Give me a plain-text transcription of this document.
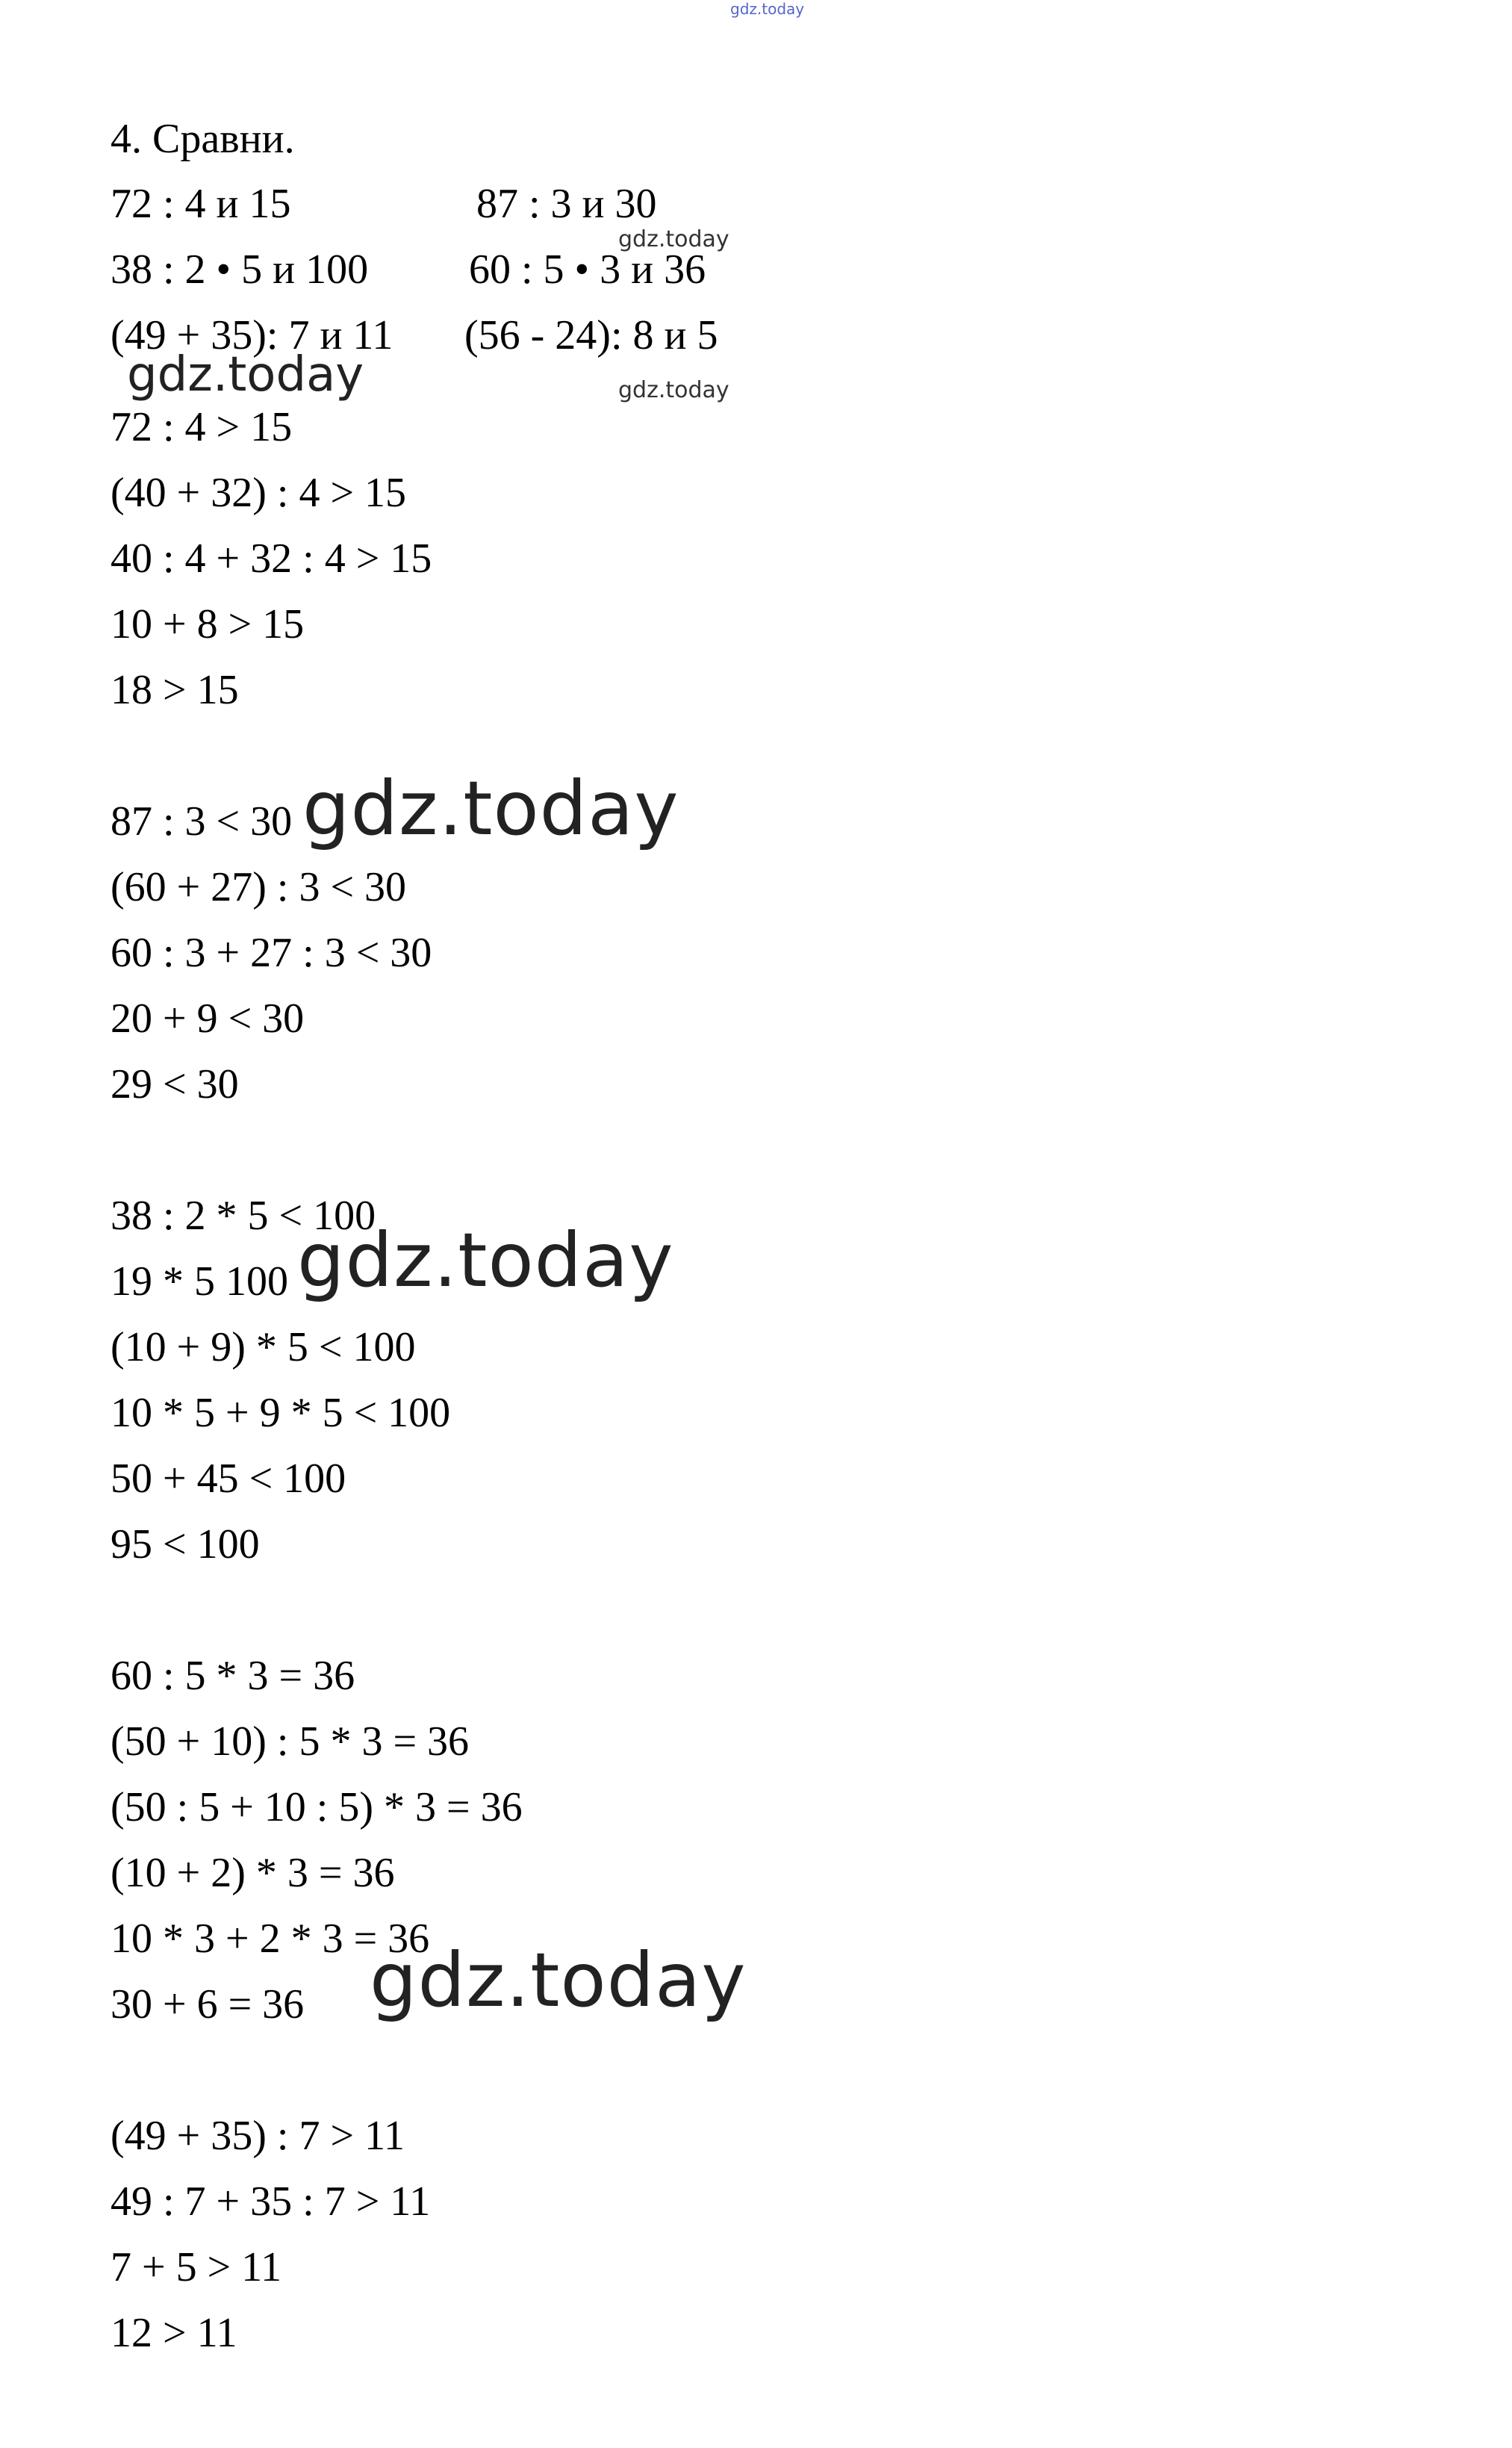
gdz.today
4. Сравни.
72 : 4 и 15	87 : 3 и 30
gdz.today
38 : 2 • 5 и 100 60 : 5 • 3 и 36
(49 + 35): 7 и 11 (56 - 24): 8 и 5
gdz.today	gdz.today
72 : 4 > 15
(40 + 32) : 4 > 15
40 : 4 + 32 : 4 > 15
10 + 8 > 15
18 > 15
87 : 3 < 30 gdz.today
(60 + 27) : 3 < 30
60 : 3 + 27 : 3 < 30
20 + 9 < 30
29 < 30
38 : 2 * 5 < 100
19 * 5 100 gdz.today
(10 + 9) * 5 < 100
10 * 5 + 9 * 5 < 100
50 + 45 < 100
95 < 100
60 : 5 * 3 = 36
(50 + 10) : 5 * 3 = 36
(50 : 5 + 10 : 5) * 3 = 36
(10 + 2) * 3 = 36
10 * 3 + 2 * 3 = 36
30 + 6 = 36 gdz.today
(49 + 35) : 7 > 11
49 : 7 + 35 : 7 > 11
7 + 5 > 11
12 > 11
